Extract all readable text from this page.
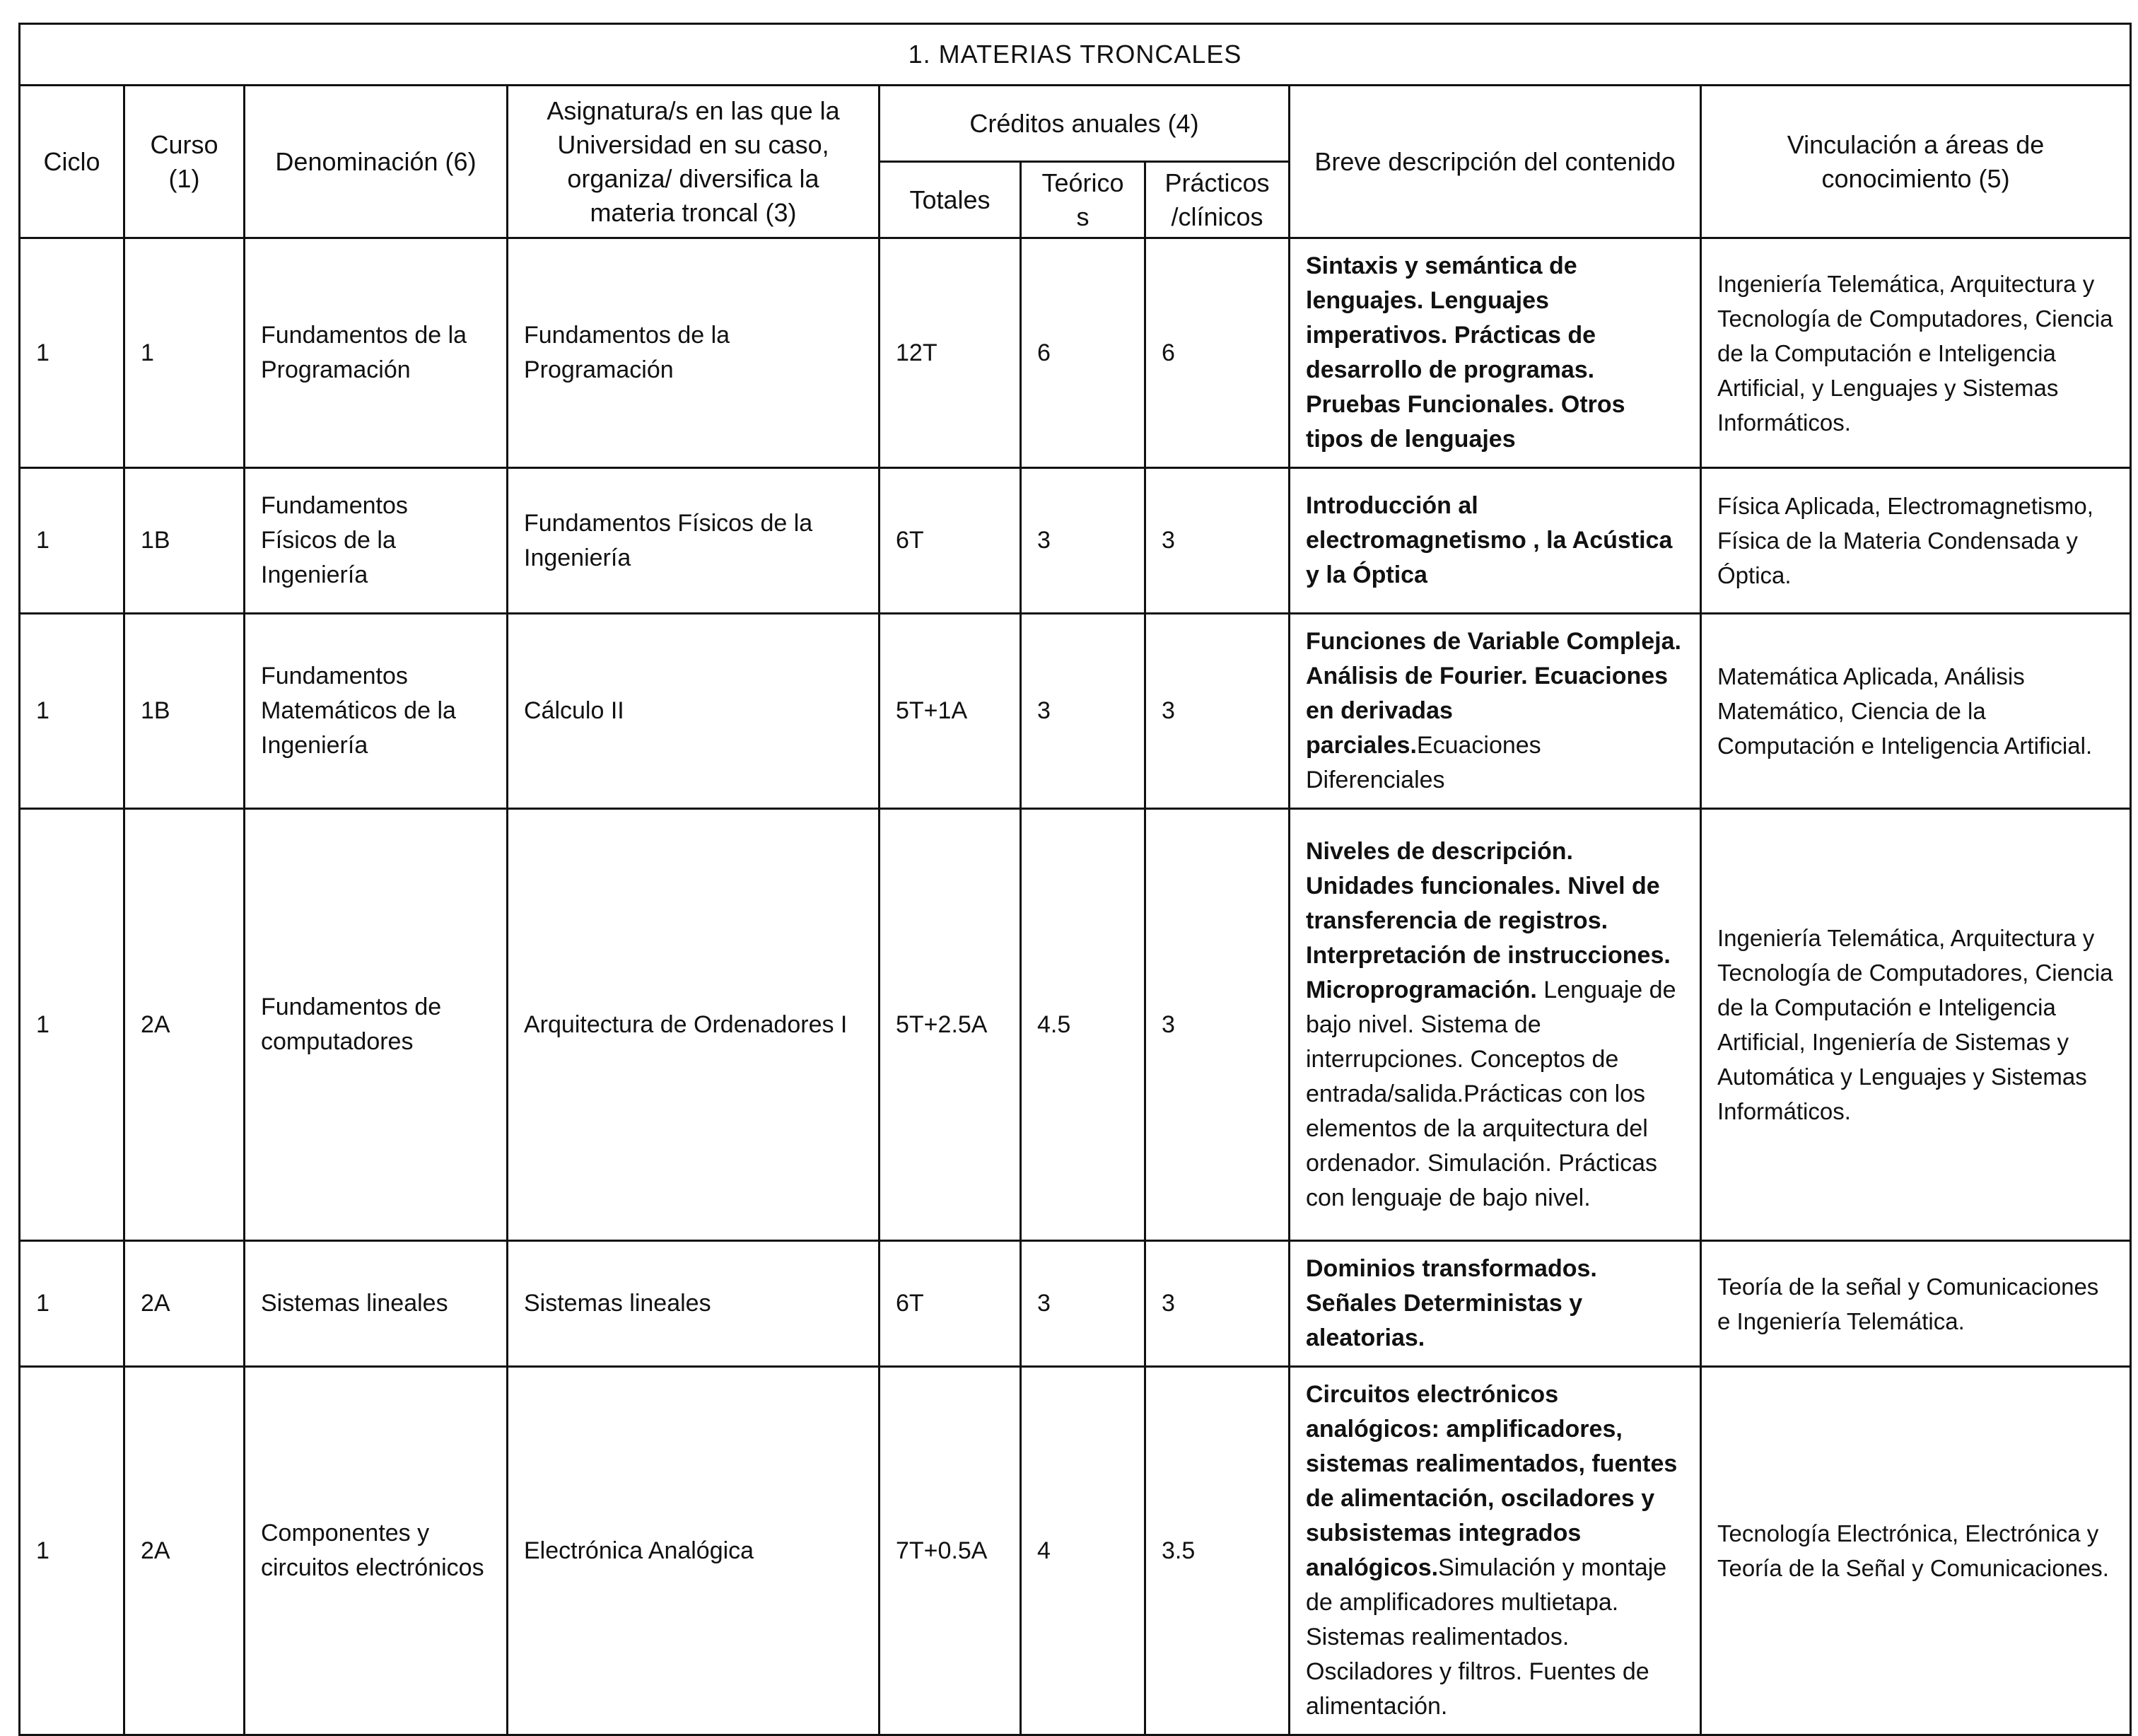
1. MATERIAS TRONCALES								
Ciclo	Curso (1)	Denominación (6)	Asignatura/s en las que la Universidad en su caso, organiza/ diversifica la materia troncal (3)	Créditos anuales (4)			Breve descripción del contenido	Vinculación a áreas de conocimiento (5)
				Totales	Teórico s	Prácticos /clínicos		
1	1	Fundamentos de la Programación	Fundamentos de la Programación	12T	6	6	Sintaxis y semántica de lenguajes. Lenguajes imperativos. Prácticas de desarrollo de programas. Pruebas Funcionales. Otros tipos de lenguajes	Ingeniería Telemática, Arquitectura y Tecnología de Computadores, Ciencia de la Computación e Inteligencia Artificial, y Lenguajes y Sistemas Informáticos.
1	1B	Fundamentos Físicos de la Ingeniería	Fundamentos Físicos de la Ingeniería	6T	3	3	Introducción al electromagnetismo , la Acústica y la Óptica	Física Aplicada, Electromagnetismo, Física de la Materia Condensada y Óptica.
1	1B	Fundamentos Matemáticos de la Ingeniería	Cálculo II	5T+1A	3	3	Funciones de Variable Compleja. Análisis de Fourier. Ecuaciones en derivadas parciales.Ecuaciones Diferenciales	Matemática Aplicada, Análisis Matemático, Ciencia de la Computación e Inteligencia Artificial.
1	2A	Fundamentos de computadores	Arquitectura de Ordenadores I	5T+2.5A	4.5	3	Niveles de descripción. Unidades funcionales. Nivel de transferencia de registros. Interpretación de instrucciones. Microprogramación. Lenguaje de bajo nivel. Sistema de interrupciones. Conceptos de entrada/salida.Prácticas con los elementos de la arquitectura del ordenador. Simulación. Prácticas con lenguaje de bajo nivel.	Ingeniería Telemática, Arquitectura y Tecnología de Computadores, Ciencia de la Computación e Inteligencia Artificial, Ingeniería de Sistemas y Automática y Lenguajes y Sistemas Informáticos.
1	2A	Sistemas lineales	Sistemas lineales	6T	3	3	Dominios transformados. Señales Deterministas y aleatorias.	Teoría de la señal y Comunicaciones e Ingeniería Telemática.
1	2A	Componentes y circuitos electrónicos	Electrónica Analógica	7T+0.5A	4	3.5	Circuitos electrónicos analógicos: amplificadores, sistemas realimentados, fuentes de alimentación, osciladores y subsistemas integrados analógicos.Simulación y montaje de amplificadores multietapa. Sistemas realimentados. Osciladores y filtros. Fuentes de alimentación.	Tecnología Electrónica, Electrónica y Teoría de la Señal y Comunicaciones.
